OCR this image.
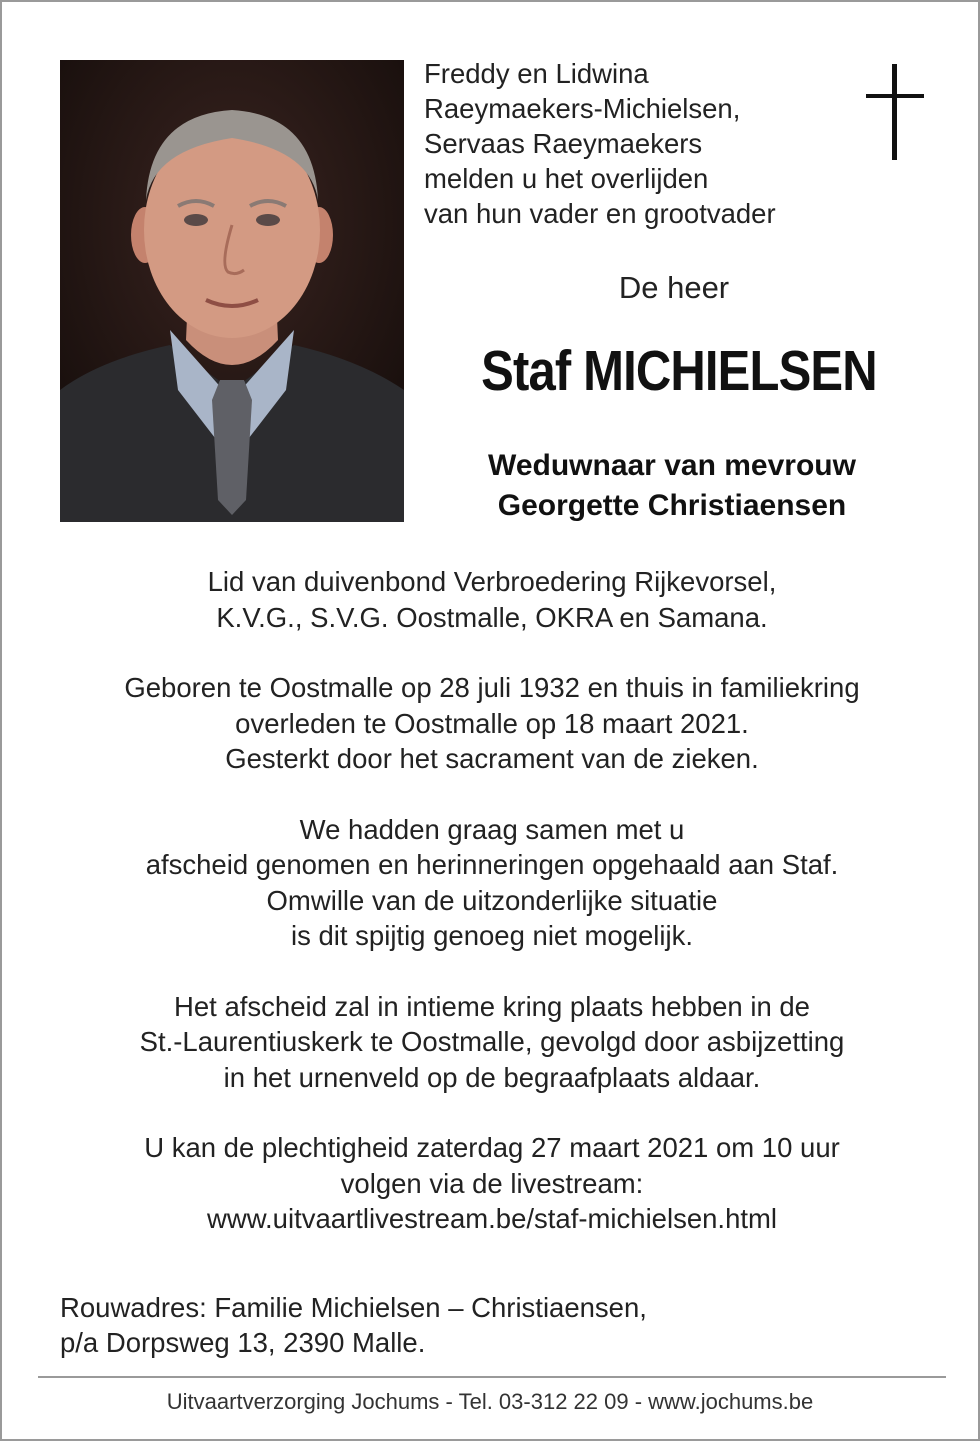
Freddy en Lidwina
Raeymaekers-Michielsen,
Servaas Raeymaekers
melden u het overlijden
van hun vader en grootvader
De heer
Staf MICHIELSEN
Weduwnaar van mevrouw
Georgette Christiaensen
Lid van duivenbond Verbroedering Rijkevorsel,
K.V.G., S.V.G. Oostmalle, OKRA en Samana.
Geboren te Oostmalle op 28 juli 1932 en thuis in familiekring
overleden te Oostmalle op 18 maart 2021.
Gesterkt door het sacrament van de zieken.
We hadden graag samen met u
afscheid genomen en herinneringen opgehaald aan Staf.
Omwille van de uitzonderlijke situatie
is dit spijtig genoeg niet mogelijk.
Het afscheid zal in intieme kring plaats hebben in de
St.-Laurentiuskerk te Oostmalle, gevolgd door asbijzetting
in het urnenveld op de begraafplaats aldaar.
U kan de plechtigheid zaterdag 27 maart 2021 om 10 uur
volgen via de livestream:
www.uitvaartlivestream.be/staf-michielsen.html
Rouwadres: Familie Michielsen – Christiaensen,
p/a Dorpsweg 13, 2390 Malle.
Uitvaartverzorging Jochums - Tel. 03-312 22 09 - www.jochums.be
